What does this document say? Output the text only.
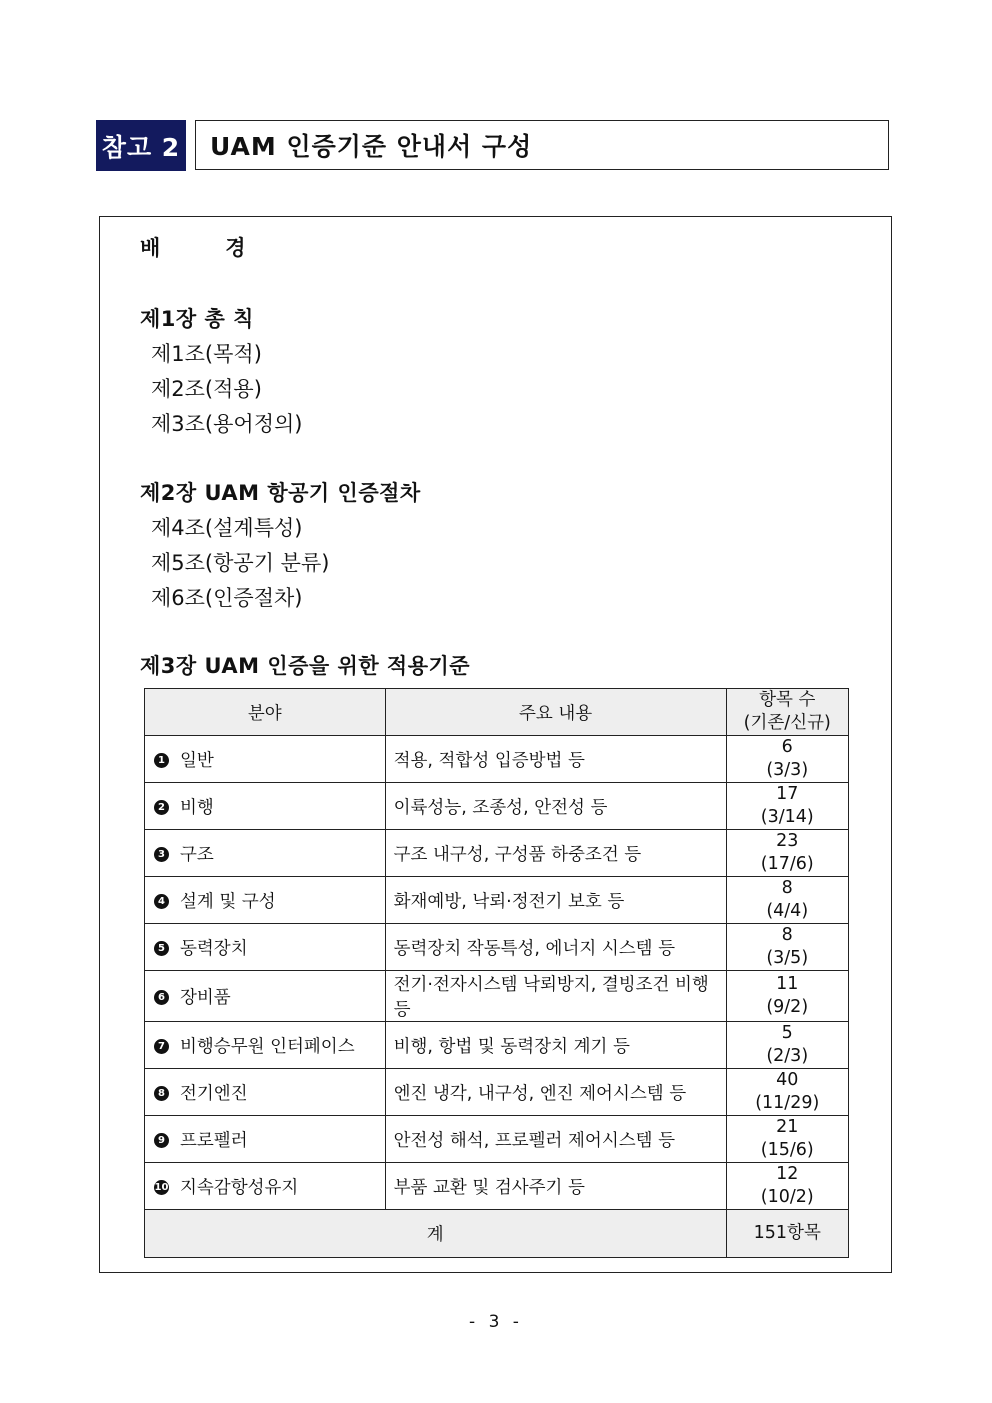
참고 2	UAM 인증기준 안내서 구성
배	경
제1장 총 칙
제1조(목적)
제2조(적용)
제3조(용어정의)
제2장 UAM 항공기 인증절차
제4조(설계특성)
제5조(항공기 분류)
제6조(인증절차)
제3장 UAM 인증을 위한 적용기준
분야	주요 내용	항목 수
(기존/신규)

1 일반	적용, 적합성 입증방법 등	6
(3/3)

2 비행	이륙성능, 조종성, 안전성 등	17
(3/14)

3 구조	구조 내구성, 구성품 하중조건 등	23
(17/6)

4 설계 및 구성	화재예방, 낙뢰·정전기 보호 등	8
(4/4)

5 동력장치	동력장치 작동특성, 에너지 시스템 등	8
(3/5)

6 장비품	전기·전자시스템 낙뢰방지, 결빙조건 비행 등	11
(9/2)

7 비행승무원 인터페이스	비행, 항법 및 동력장치 계기 등	5
(2/3)

8 전기엔진	엔진 냉각, 내구성, 엔진 제어시스템 등	40
(11/29)

9 프로펠러	안전성 해석, 프로펠러 제어시스템 등	21
(15/6)

10 지속감항성유지	부품 교환 및 검사주기 등	12
(10/2)

계		151항목
- 3 -
